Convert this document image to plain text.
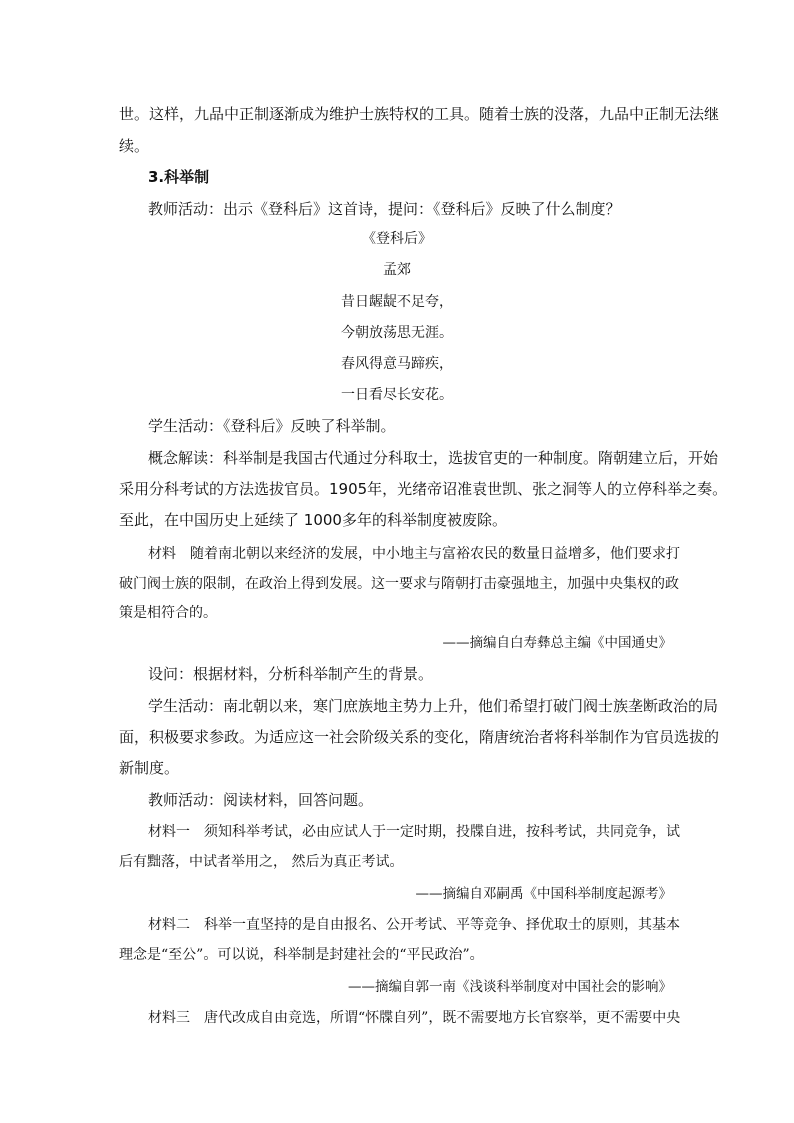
世。这样，九品中正制逐渐成为维护士族特权的工具。随着士族的没落，九品中正制无法继
续。
3.科举制
教师活动：出示《登科后》这首诗，提问：《登科后》反映了什么制度？
《登科后》
孟郊
昔日龌龊不足夸，
今朝放荡思无涯。
春风得意马蹄疾，
一日看尽长安花。
学生活动：《登科后》反映了科举制。
概念解读：科举制是我国古代通过分科取士，选拔官吏的一种制度。隋朝建立后，开始
采用分科考试的方法选拔官员。1905年，光绪帝诏准袁世凯、张之洞等人的立停科举之奏。
至此，在中国历史上延续了 1000多年的科举制度被废除。
材料　随着南北朝以来经济的发展，中小地主与富裕农民的数量日益增多，他们要求打
破门阀士族的限制，在政治上得到发展。这一要求与隋朝打击豪强地主，加强中央集权的政
策是相符合的。
——摘编自白寿彝总主编《中国通史》
设问：根据材料，分析科举制产生的背景。
学生活动：南北朝以来，寒门庶族地主势力上升，他们希望打破门阀士族垄断政治的局
面，积极要求参政。为适应这一社会阶级关系的变化，隋唐统治者将科举制作为官员选拔的
新制度。
教师活动：阅读材料，回答问题。
材料一　须知科举考试，必由应试人于一定时期，投牒自进，按科考试，共同竞争，试
后有黜落，中试者举用之， 然后为真正考试。
——摘编自邓嗣禹《中国科举制度起源考》
材料二　科举一直坚持的是自由报名、公开考试、平等竞争、择优取士的原则，其基本
理念是“至公”。可以说，科举制是封建社会的“平民政治”。
——摘编自郭一南《浅谈科举制度对中国社会的影响》
材料三　唐代改成自由竞选，所谓“怀牒自列”，既不需要地方长官察举，更不需要中央
